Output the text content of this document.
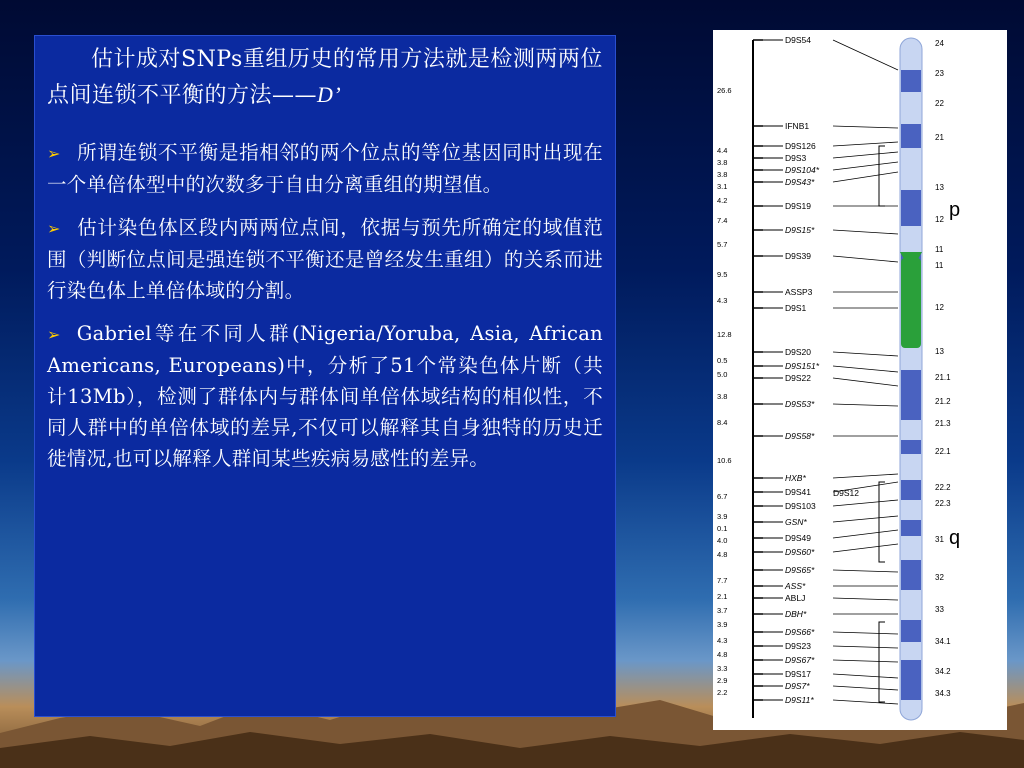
估计成对SNPs重组历史的常用方法就是检测两两位点间连锁不平衡的方法——D’

➢ 所谓连锁不平衡是指相邻的两个位点的等位基因同时出现在一个单倍体型中的次数多于自由分离重组的期望值。

➢ 估计染色体区段内两两位点间，依据与预先所确定的域值范围（判断位点间是强连锁不平衡还是曾经发生重组）的关系而进行染色体上单倍体域的分割。

➢ Gabriel等在不同人群(Nigeria/Yoruba, Asia, African Americans, Europeans)中，分析了51个常染色体片断（共计13Mb），检测了群体内与群体间单倍体域结构的相似性，不同人群中的单倍体域的差异,不仅可以解释其自身独特的历史迁徙情况,也可以解释人群间某些疾病易感性的差异。

24
23
22
21
13
12
11
11
12
13
21.1
21.2
21.3
22.1
22.2
22.3
31
32
33
34.1
34.2
34.3
p
q
D9S54
IFNB1
D9S126
D9S3
D9S104*
D9S43*
D9S19
D9S15*
D9S39
ASSP3
D9S1
D9S20
D9S151*
D9S22
D9S53*
D9S58*
HXB*
D9S41
D9S103
GSN*
D9S49
D9S60*
D9S65*
ASS*
ABLJ
DBH*
D9S66*
D9S23
D9S67*
D9S17
D9S7*
D9S11*
26.6
4.4
3.8
3.8
3.1
4.2
7.4
5.7
9.5
4.3
12.8
0.5
5.0
3.8
8.4
10.6
6.7
3.9
0.1
4.0
4.8
7.7
2.1
3.7
3.9
4.3
4.8
3.3
2.9
2.2
D9S12
